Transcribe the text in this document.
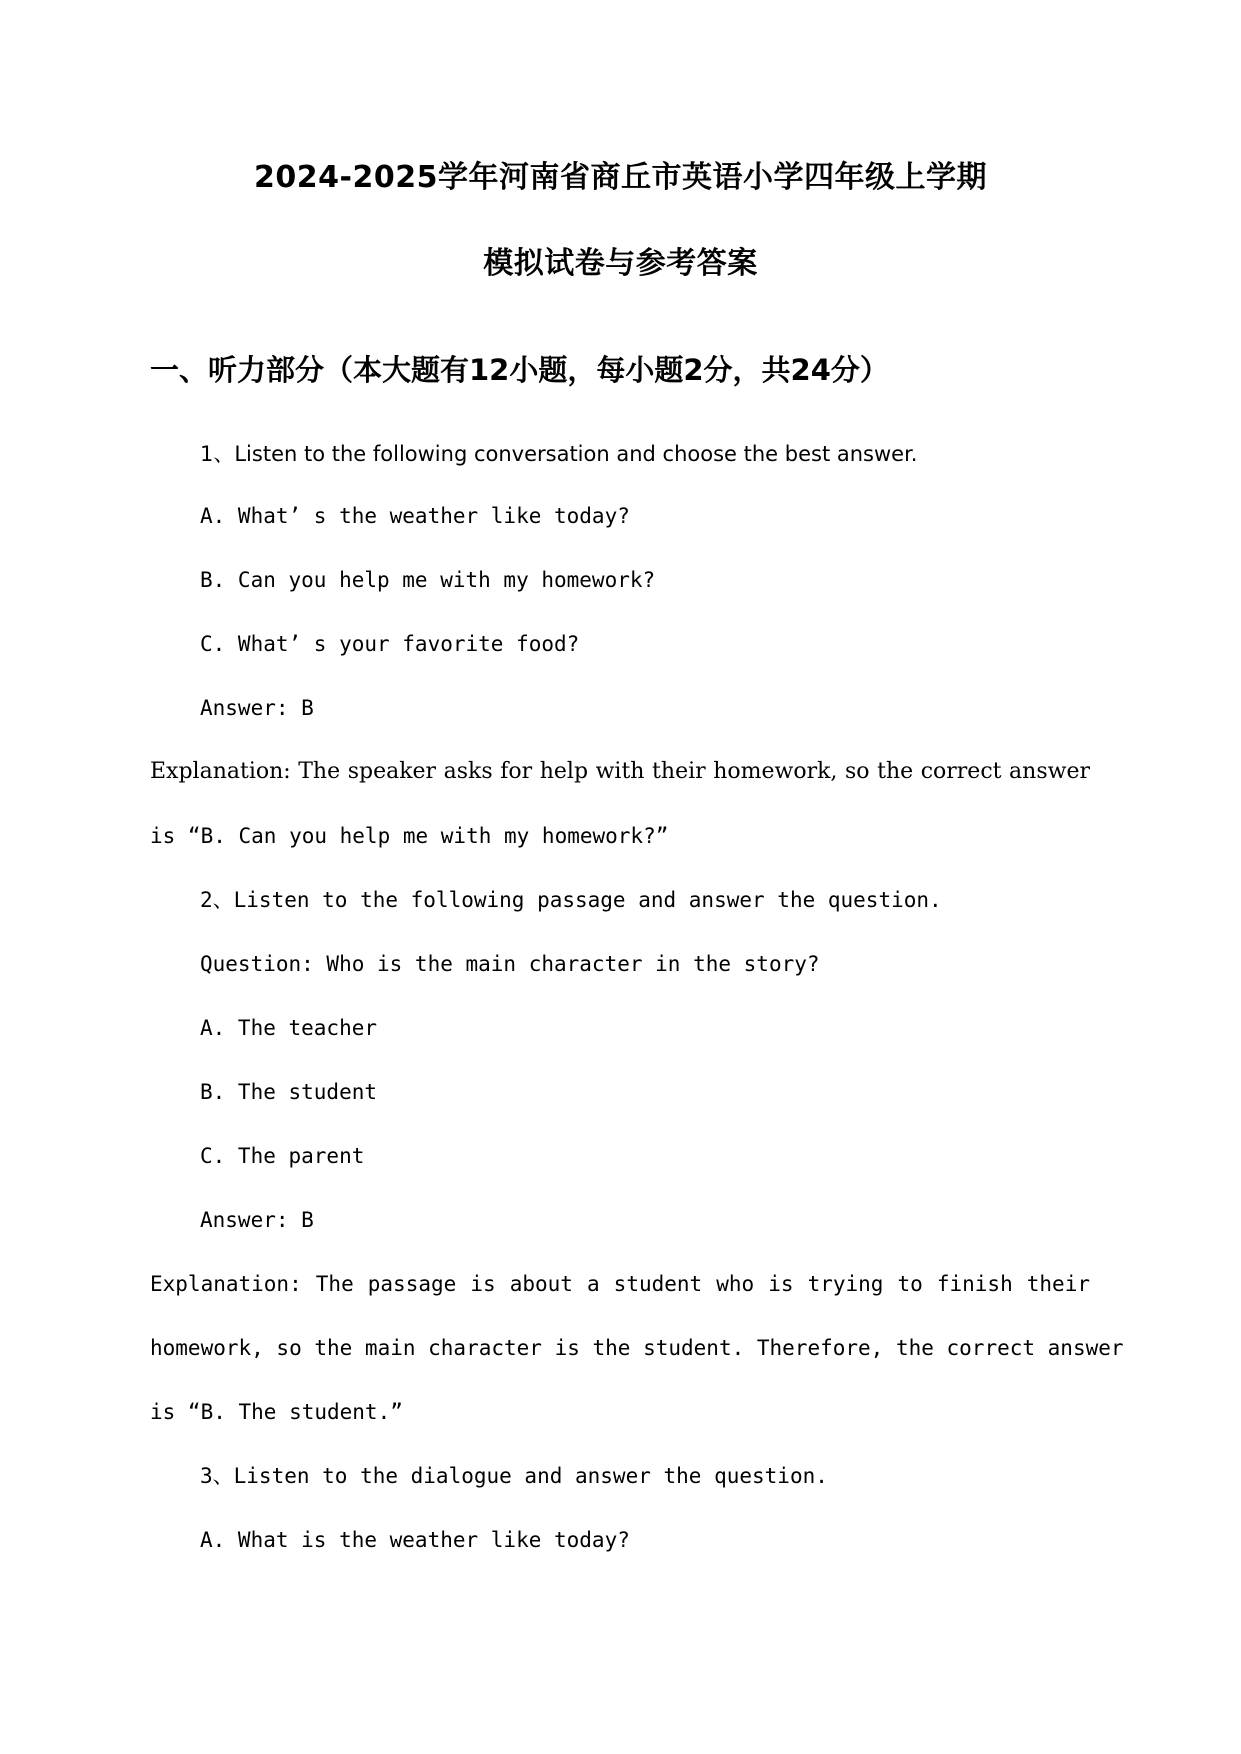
2024-2025学年河南省商丘市英语小学四年级上学期
模拟试卷与参考答案
一、听力部分（本大题有12小题，每小题2分，共24分）
1、Listen to the following conversation and choose the best answer.
A. What’ s the weather like today?
B. Can you help me with my homework?
C. What’ s your favorite food?
Answer: B
Explanation: The speaker asks for help with their homework, so the correct answer
is “B. Can you help me with my homework?”
2、Listen to the following passage and answer the question.
Question: Who is the main character in the story?
A. The teacher
B. The student
C. The parent
Answer: B
Explanation: The passage is about a student who is trying to finish their
homework, so the main character is the student. Therefore, the correct answer
is “B. The student.”
3、Listen to the dialogue and answer the question.
A. What is the weather like today?
